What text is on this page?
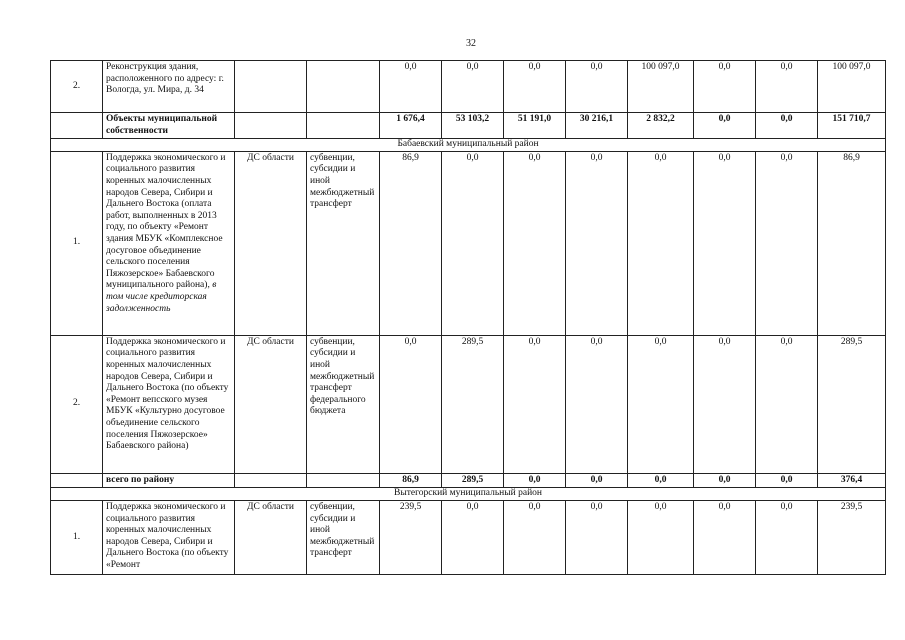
32
2.	Реконструкция здания, расположенного по адресу: г. Вологда, ул. Мира, д. 34			0,0	0,0	0,0	0,0	100 097,0	0,0	0,0	100 097,0
	Объекты муниципальной собственности			1 676,4	53 103,2	51 191,0	30 216,1	2 832,2	0,0	0,0	151 710,7
Бабаевский муниципальный район											
1.	Поддержка экономического и социального развития коренных малочисленных народов Севера, Сибири и Дальнего Востока (оплата работ, выполненных в 2013 году, по объекту «Ремонт здания МБУК «Комплексное досуговое объединение сельского поселения Пяжозерское» Бабаевского муниципального района), в том числе кредиторская задолженность	ДС области	субвенции, субсидии и иной межбюджетный трансферт	86,9	0,0	0,0	0,0	0,0	0,0	0,0	86,9
2.	Поддержка экономического и социального развития коренных малочисленных народов Севера, Сибири и Дальнего Востока (по объекту «Ремонт вепсского музея МБУК «Культурно досуговое объединение сельского поселения Пяжозерское» Бабаевского района)	ДС области	субвенции, субсидии и иной межбюджетный трансферт федерального бюджета	0,0	289,5	0,0	0,0	0,0	0,0	0,0	289,5
	всего по району			86,9	289,5	0,0	0,0	0,0	0,0	0,0	376,4
Вытегорский муниципальный район											
1.	Поддержка экономического и социального развития коренных малочисленных народов Севера, Сибири и Дальнего Востока (по объекту «Ремонт	ДС области	субвенции, субсидии и иной межбюджетный трансферт	239,5	0,0	0,0	0,0	0,0	0,0	0,0	239,5
